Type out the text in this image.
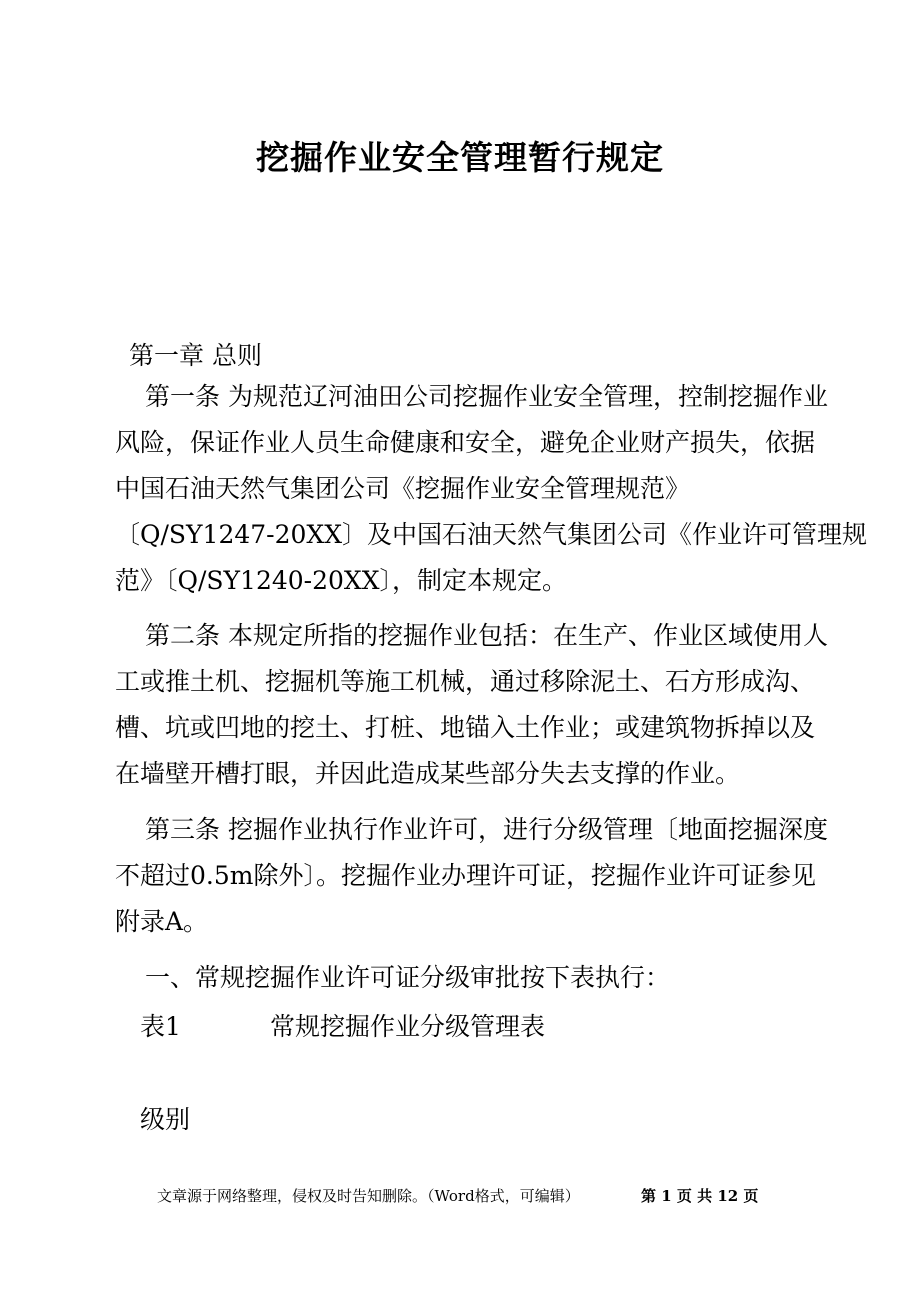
挖掘作业安全管理暂行规定
第一章 总则
第一条 为规范辽河油田公司挖掘作业安全管理，控制挖掘作业
风险，保证作业人员生命健康和安全，避免企业财产损失，依据
中国石油天然气集团公司《挖掘作业安全管理规范》
〔Q/SY1247-20XX〕及中国石油天然气集团公司《作业许可管理规
范》〔Q/SY1240-20XX〕，制定本规定。
第二条 本规定所指的挖掘作业包括：在生产、作业区域使用人
工或推土机、挖掘机等施工机械，通过移除泥土、石方形成沟、
槽、坑或凹地的挖土、打桩、地锚入土作业；或建筑物拆掉以及
在墙壁开槽打眼，并因此造成某些部分失去支撑的作业。
第三条 挖掘作业执行作业许可，进行分级管理〔地面挖掘深度
不超过0.5m除外〕。挖掘作业办理许可证，挖掘作业许可证参见
附录A。
一、常规挖掘作业许可证分级审批按下表执行：
表1	常规挖掘作业分级管理表
级别
文章源于网络整理，侵权及时告知删除。（Word格式，可编辑）	第 1 页 共 12 页
